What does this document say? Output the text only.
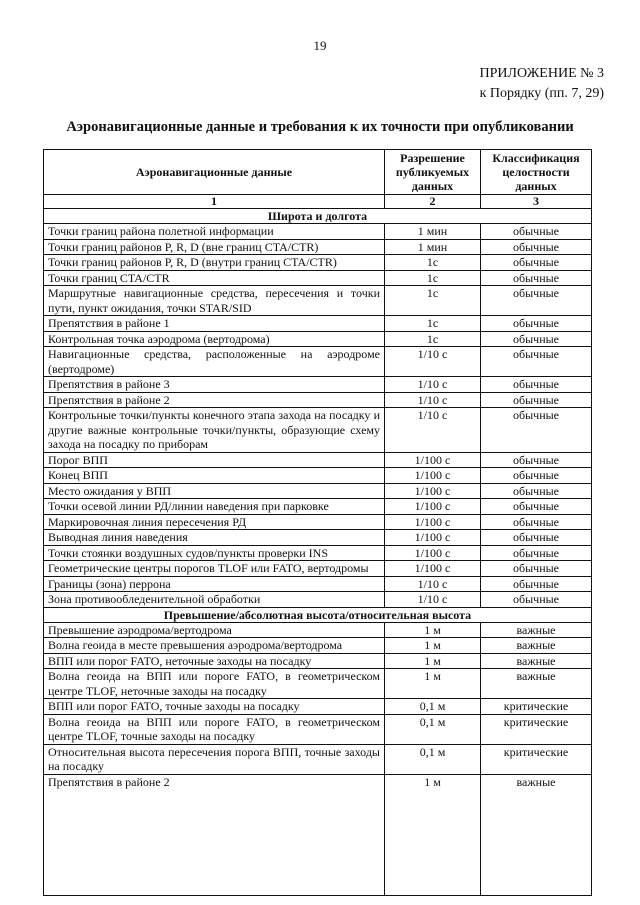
19
ПРИЛОЖЕНИЕ № 3
к Порядку (пп. 7, 29)
Аэронавигационные данные и требования к их точности при опубликовании
Аэронавигационные данные	Разрешение публикуемых данных	Классификация целостности данных
1	2	3
Широта и долгота		
Точки границ района полетной информации	1 мин	обычные
Точки границ районов P, R, D (вне границ CTA/CTR)	1 мин	обычные
Точки границ районов P, R, D (внутри границ CTA/CTR)	1с	обычные
Точки границ CTA/CTR	1с	обычные
Маршрутные навигационные средства, пересечения и точки пути, пункт ожидания, точки STAR/SID	1с	обычные
Препятствия в районе 1	1с	обычные
Контрольная точка аэродрома (вертодрома)	1с	обычные
Навигационные средства, расположенные на аэродроме (вертодроме)	1/10 с	обычные
Препятствия в районе 3	1/10 с	обычные
Препятствия в районе 2	1/10 с	обычные
Контрольные точки/пункты конечного этапа захода на посадку и другие важные контрольные точки/пункты, образующие схему захода на посадку по приборам	1/10 с	обычные
Порог ВПП	1/100 с	обычные
Конец ВПП	1/100 с	обычные
Место ожидания у ВПП	1/100 с	обычные
Точки осевой линии РД/линии наведения при парковке	1/100 с	обычные
Маркировочная линия пересечения РД	1/100 с	обычные
Выводная линия наведения	1/100 с	обычные
Точки стоянки воздушных судов/пункты проверки INS	1/100 с	обычные
Геометрические центры порогов TLOF или FATO, вертодромы	1/100 с	обычные
Границы (зона) перрона	1/10 с	обычные
Зона противообледенительной обработки	1/10 с	обычные
Превышение/абсолютная высота/относительная высота		
Превышение аэродрома/вертодрома	1 м	важные
Волна геоида в месте превышения аэродрома/вертодрома	1 м	важные
ВПП или порог FATO, неточные заходы на посадку	1 м	важные
Волна геоида на ВПП или пороге FATO, в геометрическом центре TLOF, неточные заходы на посадку	1 м	важные
ВПП или порог FATO, точные заходы на посадку	0,1 м	критические
Волна геоида на ВПП или пороге FATO, в геометрическом центре TLOF, точные заходы на посадку	0,1 м	критические
Относительная высота пересечения порога ВПП, точные заходы на посадку	0,1 м	критические
Препятствия в районе 2	1 м	важные
